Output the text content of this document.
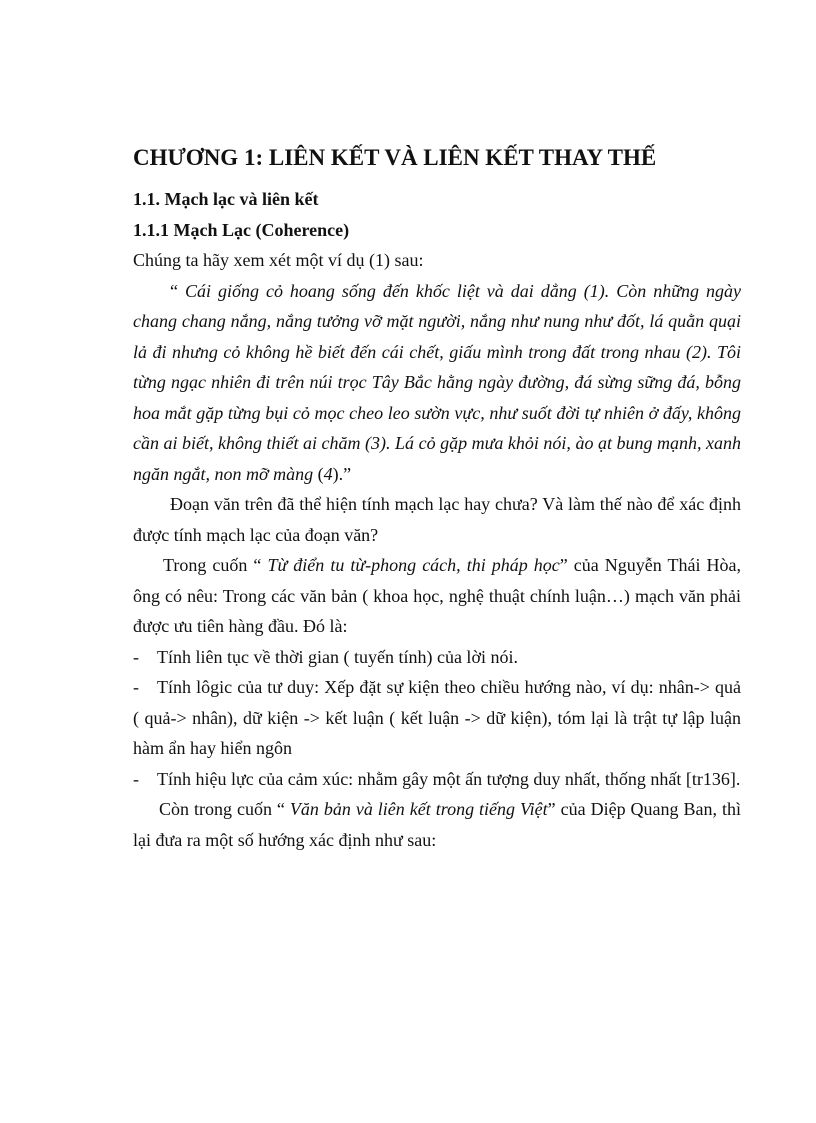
CHƯƠNG 1: LIÊN KẾT VÀ LIÊN KẾT THAY THẾ
1.1. Mạch lạc và liên kết
1.1.1 Mạch Lạc (Coherence)

Chúng ta hãy xem xét một ví dụ (1) sau:

“ Cái giống cỏ hoang sống đến khốc liệt và dai dẳng (1). Còn những ngày chang chang nắng, nắng tưởng vỡ mặt người, nắng như nung như đốt, lá quằn quại lả đi nhưng cỏ không hề biết đến cái chết, giấu mình trong đất trong nhau (2). Tôi từng ngạc nhiên đi trên núi trọc Tây Bắc hằng ngày đường, đá sừng sững đá, bỗng hoa mắt gặp từng bụi cỏ mọc cheo leo sườn vực, như suốt đời tự nhiên ở đấy, không cần ai biết, không thiết ai chăm (3). Lá cỏ gặp mưa khỏi nói, ào ạt bung mạnh, xanh ngăn ngắt, non mỡ màng (4).”

Đoạn văn trên đã thể hiện tính mạch lạc hay chưa? Và làm thế nào để xác định được tính mạch lạc của đoạn văn?

Trong cuốn “ Từ điển tu từ-phong cách, thi pháp học” của Nguyễn Thái Hòa, ông có nêu: Trong các văn bản ( khoa học, nghệ thuật chính luận…) mạch văn phải được ưu tiên hàng đầu. Đó là:

- Tính liên tục về thời gian ( tuyến tính) của lời nói.

- Tính lôgic của tư duy: Xếp đặt sự kiện theo chiều hướng nào, ví dụ: nhân-> quả ( quả-> nhân), dữ kiện -> kết luận ( kết luận -> dữ kiện), tóm lại là trật tự lập luận hàm ẩn hay hiển ngôn

- Tính hiệu lực của cảm xúc: nhằm gây một ấn tượng duy nhất, thống nhất [tr136].

Còn trong cuốn “ Văn bản và liên kết trong tiếng Việt” của Diệp Quang Ban, thì lại đưa ra một số hướng xác định như sau:
